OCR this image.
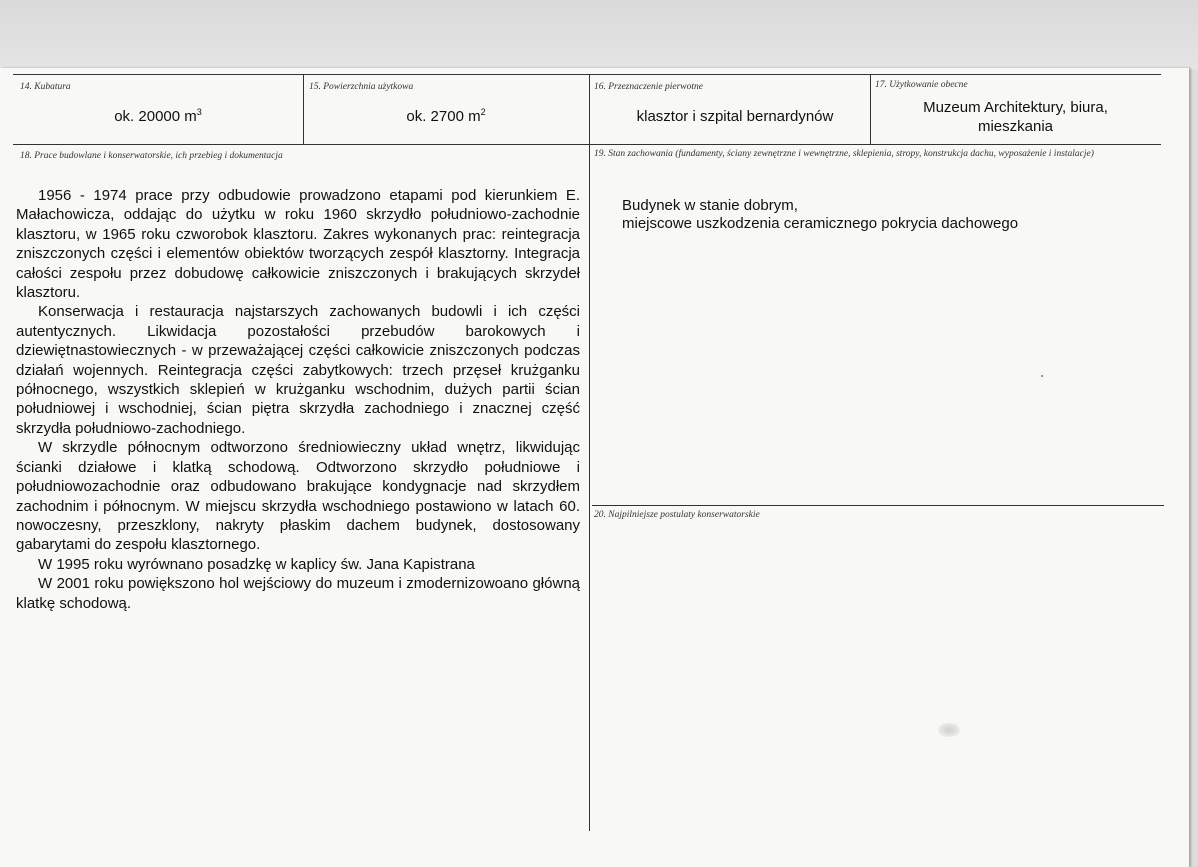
14. Kubatura
ok. 20000 $m^3$
15. Powierzchnia użytkowa
ok. 2700 $m^2$
16. Przeznaczenie pierwotne
klasztor i szpital bernardynów
17. Użytkowanie obecne
Muzeum Architektury, biura,
mieszkania
18. Prace budowlane i konserwatorskie, ich przebieg i dokumentacja	19. Stan zachowania (fundamenty, ściany zewnętrzne i wewnętrzne, sklepienia, stropy, konstrukcja dachu, wyposażenie i instalacje)
20. Najpilniejsze postulaty konserwatorskie

1956 - 1974 prace przy odbudowie prowadzono etapami pod kierunkiem E. Małachowicza, oddając do użytku w roku 1960 skrzydło południowo-zachodnie klasztoru, w 1965 roku czworobok klasztoru. Zakres wykonanych prac: reintegracja zniszczonych części i elementów obiektów tworzących zespół klasztorny. Integracja całości zespołu przez dobudowę całkowicie zniszczonych i brakujących skrzydeł klasztoru.

Konserwacja i restauracja najstarszych zachowanych budowli i ich części autentycznych. Likwidacja pozostałości przebudów barokowych i dziewiętnastowiecznych - w przeważającej części całkowicie zniszczonych podczas działań wojennych. Reintegracja części zabytkowych: trzech przęseł krużganku północnego, wszystkich sklepień w krużganku wschodnim, dużych partii ścian południowej i wschodniej, ścian piętra skrzydła zachodniego i znacznej część skrzydła południowo-zachodniego.

W skrzydle północnym odtworzono średniowieczny układ wnętrz, likwidując ścianki działowe i klatką schodową. Odtworzono skrzydło południowe i południowozachodnie oraz odbudowano brakujące kondygnacje nad skrzydłem zachodnim i północnym. W miejscu skrzydła wschodniego postawiono w latach 60. nowoczesny, przeszklony, nakryty płaskim dachem budynek, dostosowany gabarytami do zespołu klasztornego.

W 1995 roku wyrównano posadzkę w kaplicy św. Jana Kapistrana

W 2001 roku powiększono hol wejściowy do muzeum i zmodernizowoano główną klatkę schodową.

Budynek w stanie dobrym,
miejscowe uszkodzenia ceramicznego pokrycia dachowego
